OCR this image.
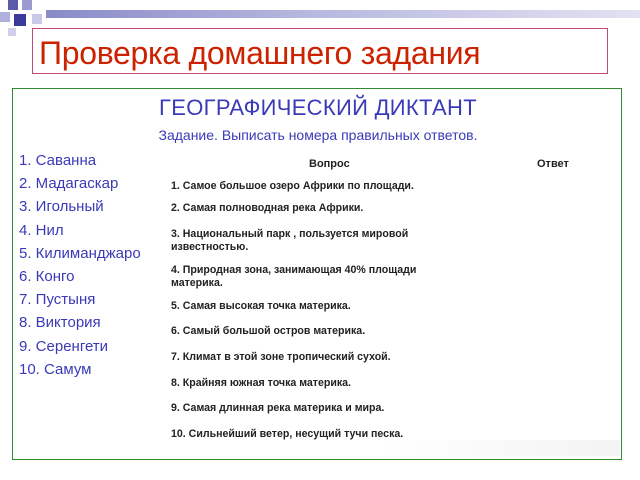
Проверка домашнего задания
ГЕОГРАФИЧЕСКИЙ ДИКТАНТ
Задание. Выписать номера правильных ответов.
1. Саванна
2. Мадагаскар
3. Игольный
4. Нил
5. Килиманджаро
6. Конго
7. Пустыня
8. Виктория
9. Серенгети
10. Самум
Вопрос	Ответ
1. Самое большое озеро Африки по площади.
2. Самая полноводная река Африки.
3. Национальный парк , пользуется мировой известностью.
4. Природная зона, занимающая 40% площади материка.
5. Самая высокая точка материка.
6. Самый большой остров материка.
7. Климат в этой зоне тропический сухой.
8. Крайняя южная точка материка.
9. Самая длинная река материка и мира.
10. Сильнейший ветер, несущий тучи песка.
